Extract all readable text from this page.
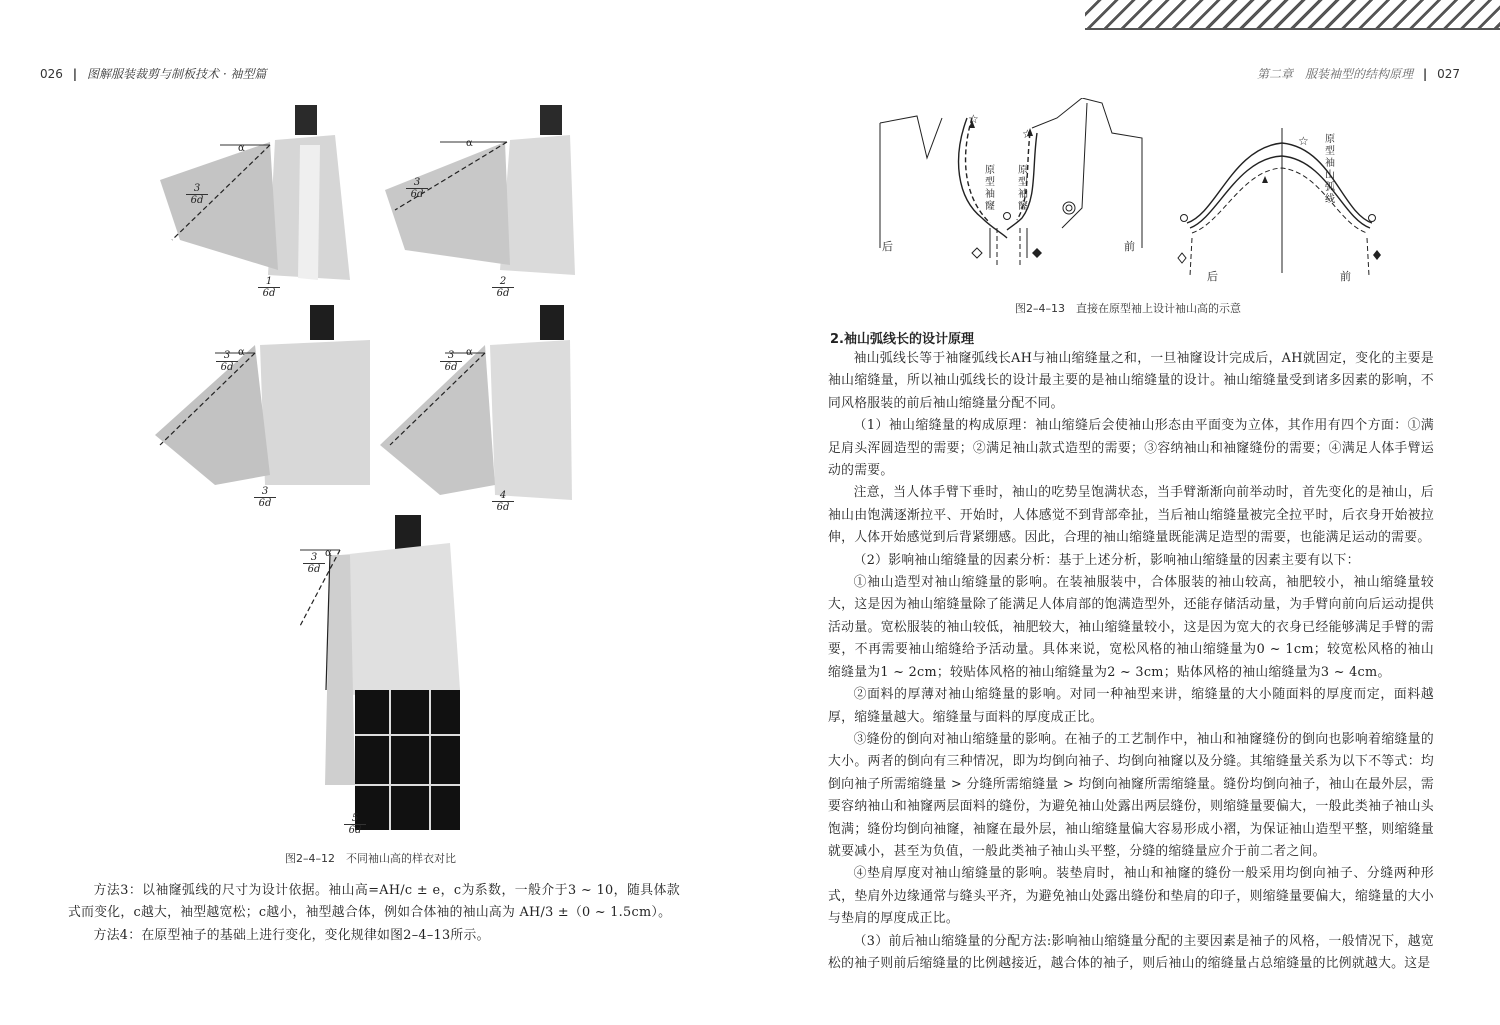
026 | 图解服装裁剪与制板技术 · 袖型篇	第二章　服装袖型的结构原理 | 027
α	α
α	α
α
$\frac{3}{6d}$	$\frac{3}{6d}$
$\frac{3}{6d}$	$\frac{3}{6d}$
$\frac{3}{6d}$
$\frac{1}{6d}$	$\frac{2}{6d}$
$\frac{3}{6d}$	$\frac{4}{6d}$
$\frac{5}{6d}$
图2–4–12　不同袖山高的样衣对比

方法3：以袖窿弧线的尺寸为设计依据。袖山高=AH/c ± e，c为系数，一般介于3 ~ 10，随具体款式而变化，c越大，袖型越宽松；c越小，袖型越合体，例如合体袖的袖山高为 AH/3 ±（0 ~ 1.5cm）。

方法4：在原型袖子的基础上进行变化，变化规律如图2–4–13所示。

☆
☆	☆
后	前
后	前
原型袖窿
原型袖窿
原型袖山弧线
图2–4–13　直接在原型袖上设计袖山高的示意
2.袖山弧线长的设计原理

袖山弧线长等于袖窿弧线长AH与袖山缩缝量之和，一旦袖窿设计完成后，AH就固定，变化的主要是袖山缩缝量，所以袖山弧线长的设计最主要的是袖山缩缝量的设计。袖山缩缝量受到诸多因素的影响，不同风格服装的前后袖山缩缝量分配不同。

（1）袖山缩缝量的构成原理：袖山缩缝后会使袖山形态由平面变为立体，其作用有四个方面：①满足肩头浑圆造型的需要；②满足袖山款式造型的需要；③容纳袖山和袖窿缝份的需要；④满足人体手臂运动的需要。

注意，当人体手臂下垂时，袖山的吃势呈饱满状态，当手臂渐渐向前举动时，首先变化的是袖山，后袖山由饱满逐渐拉平、开始时，人体感觉不到背部牵扯，当后袖山缩缝量被完全拉平时，后衣身开始被拉伸，人体开始感觉到后背紧绷感。因此，合理的袖山缩缝量既能满足造型的需要，也能满足运动的需要。

（2）影响袖山缩缝量的因素分析：基于上述分析，影响袖山缩缝量的因素主要有以下：

①袖山造型对袖山缩缝量的影响。在装袖服装中，合体服装的袖山较高，袖肥较小，袖山缩缝量较大，这是因为袖山缩缝量除了能满足人体肩部的饱满造型外，还能存储活动量，为手臂向前向后运动提供活动量。宽松服装的袖山较低，袖肥较大，袖山缩缝量较小，这是因为宽大的衣身已经能够满足手臂的需要，不再需要袖山缩缝给予活动量。具体来说，宽松风格的袖山缩缝量为0 ~ 1cm；较宽松风格的袖山缩缝量为1 ~ 2cm；较贴体风格的袖山缩缝量为2 ~ 3cm；贴体风格的袖山缩缝量为3 ~ 4cm。

②面料的厚薄对袖山缩缝量的影响。对同一种袖型来讲，缩缝量的大小随面料的厚度而定，面料越厚，缩缝量越大。缩缝量与面料的厚度成正比。

③缝份的倒向对袖山缩缝量的影响。在袖子的工艺制作中，袖山和袖窿缝份的倒向也影响着缩缝量的大小。两者的倒向有三种情况，即为均倒向袖子、均倒向袖窿以及分缝。其缩缝量关系为以下不等式：均倒向袖子所需缩缝量 > 分缝所需缩缝量 > 均倒向袖窿所需缩缝量。缝份均倒向袖子，袖山在最外层，需要容纳袖山和袖窿两层面料的缝份，为避免袖山处露出两层缝份，则缩缝量要偏大，一般此类袖子袖山头饱满；缝份均倒向袖窿，袖窿在最外层，袖山缩缝量偏大容易形成小褶，为保证袖山造型平整，则缩缝量就要减小，甚至为负值，一般此类袖子袖山头平整，分缝的缩缝量应介于前二者之间。

④垫肩厚度对袖山缩缝量的影响。装垫肩时，袖山和袖窿的缝份一般采用均倒向袖子、分缝两种形式，垫肩外边缘通常与缝头平齐，为避免袖山处露出缝份和垫肩的印子，则缩缝量要偏大，缩缝量的大小与垫肩的厚度成正比。

（3）前后袖山缩缝量的分配方法:影响袖山缩缝量分配的主要因素是袖子的风格，一般情况下，越宽松的袖子则前后缩缝量的比例越接近，越合体的袖子，则后袖山的缩缝量占总缩缝量的比例就越大。这是
